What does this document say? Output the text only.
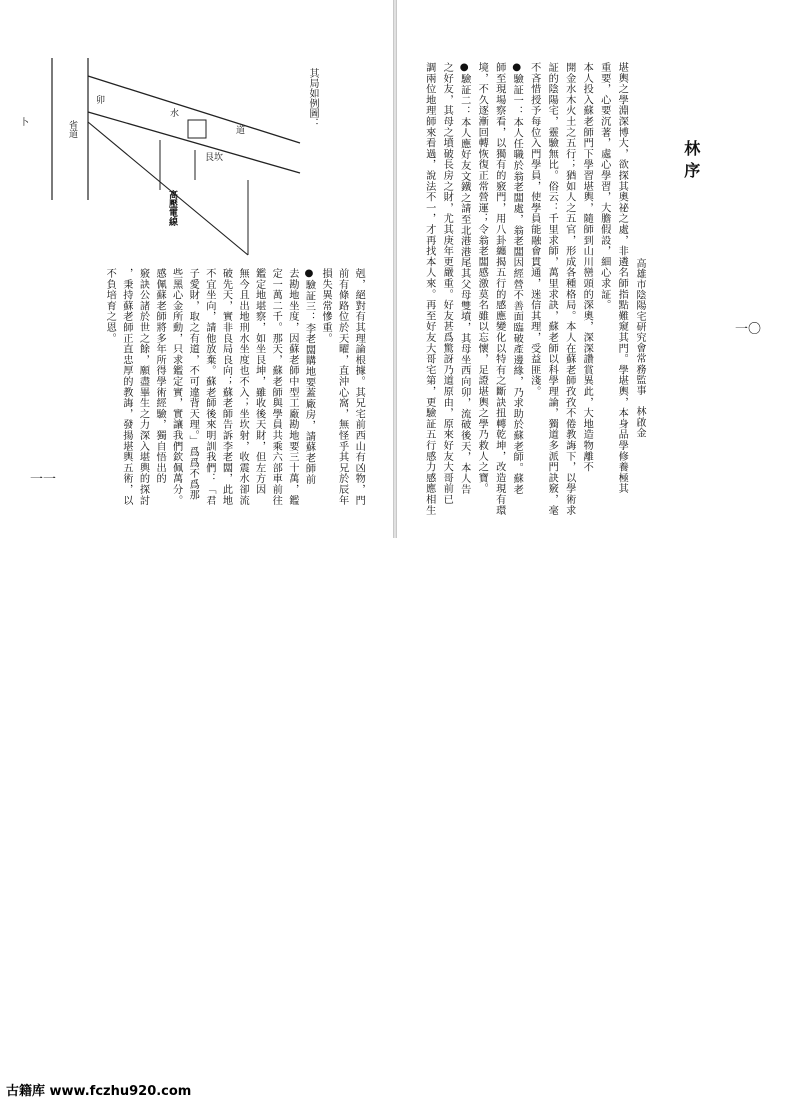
林序
高雄市陰陽宅研究會常務監事　林啟金
堪輿之學淵深博大，欲探其奧祕之處，非遴名師指點難窺其門。學堪輿，本身品學修養極其
重要，心要沉著，處心學習，大膽假設，細心求証。
本人投入蘇老師門下學習堪輿，隨師到山川巒頭的深奧，深深讚賞異此，大地造物離不
開金水木火土之五行；猶如人之五官，形成各種格局。本人在蘇老師孜孜不倦教誨下，以學術求
証的陰陽宅，靈驗無比。俗云：千里求師，萬里求訣，蘇老師以科學理論，獨道多派門訣竅，毫
不吝惜授予每位入門學員，使學員能融會貫通，迷信其理，受益匪淺。
●驗証一：本人任職於翁老闆處，翁老闆因經營不善面臨破產邊緣，乃求助於蘇老師。蘇老
師至現場察看，以獨有的竅門，用八卦纏揭五行的感應變化以特有之斷訣扭轉乾坤，改造現有環
境，不久逐漸回轉恢復正常營運；令翁老闆感激莫名雖以忘懷，足證堪輿之學乃救人之寶。
●驗証二：本人應好友文鐵之請至北港港尾其父母雙墳，其母坐西向卯，流破後天，本人告
之好友，其母之墳破長房之財，尤其庚年更嚴重。好友甚爲驚訝乃道原由，原來好友大哥前已
調兩位地理師來看過，說法不一，才再找本人來。再至好友大哥宅第，更驗証五行感力感應相生	一〇
剋，絕對有其理論根據。其兄宅前西山有凶物，門
前有條路位於天曜，直沖心窩，無怪乎其兄於辰年
損失異常慘重。
●驗証三：李老闆購地要蓋廠房，請蘇老師前
去勘地坐度，因蘇老師中型工廠勘地要三十萬，鑑
定一萬二千。那天，蘇老師與學員共乘六部車前往
鑑定地堪察，如坐艮坤，雖收後天財，但左方因
無今且出地刑水坐度也不入；坐坎射，收震水卻流
破先天，實非良局良向；蘇老師告訴李老闆，此地
不宜坐向，請他放棄。蘇老師後來明訓我們：「君
子愛財，取之有道，不可違背天理。」爲爲不爲那
些黑心金所動，只求鑑定實，實讓我們欽佩萬分。
感佩蘇老師將多年所得學術經驗，獨自悟出的
竅訣公諸於世之餘，願盡畢生之力深入堪輿的探討
，秉持蘇老師正直忠厚的教誨，發揚堪輿五術，以
不負培育之恩。
一一
其局如例圖：
卯
水
道
卜	省道
艮坎
高壓電線
古籍库 www.fczhu920.com
